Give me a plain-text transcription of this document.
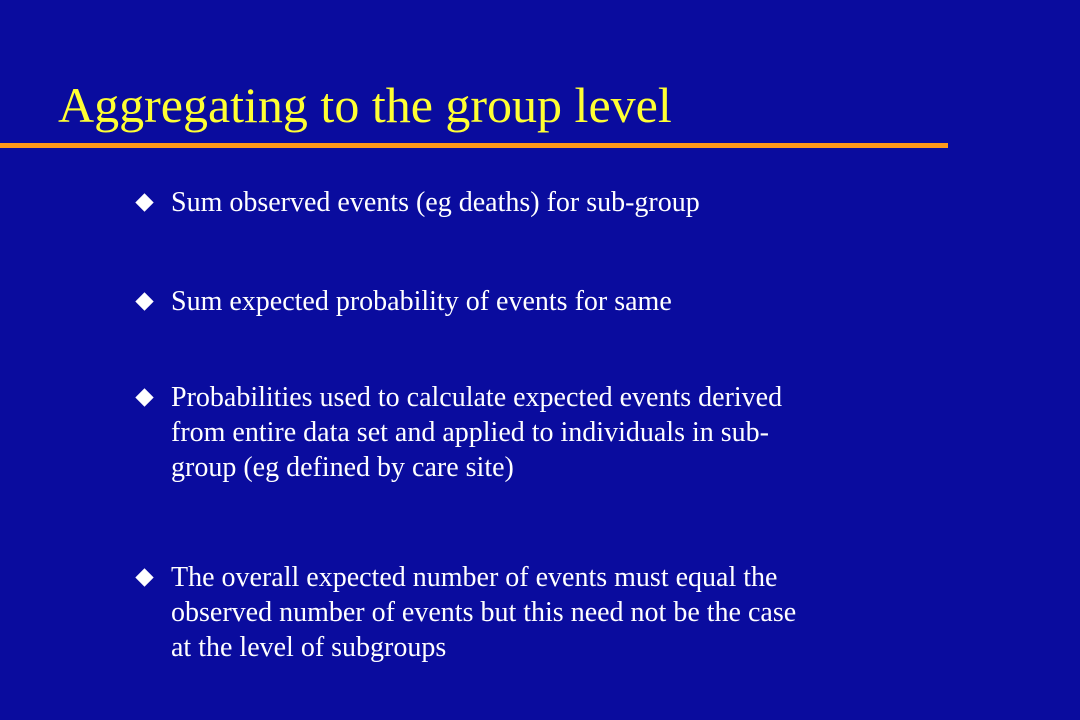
Aggregating to the group level
Sum observed events (eg deaths) for sub-group
Sum expected probability of events for same
Probabilities used to calculate expected events derived
from entire data set and applied to individuals in sub-
group (eg defined by care site)
The overall expected number of events must equal the
observed number of events but this need not be the case
at the level of subgroups
